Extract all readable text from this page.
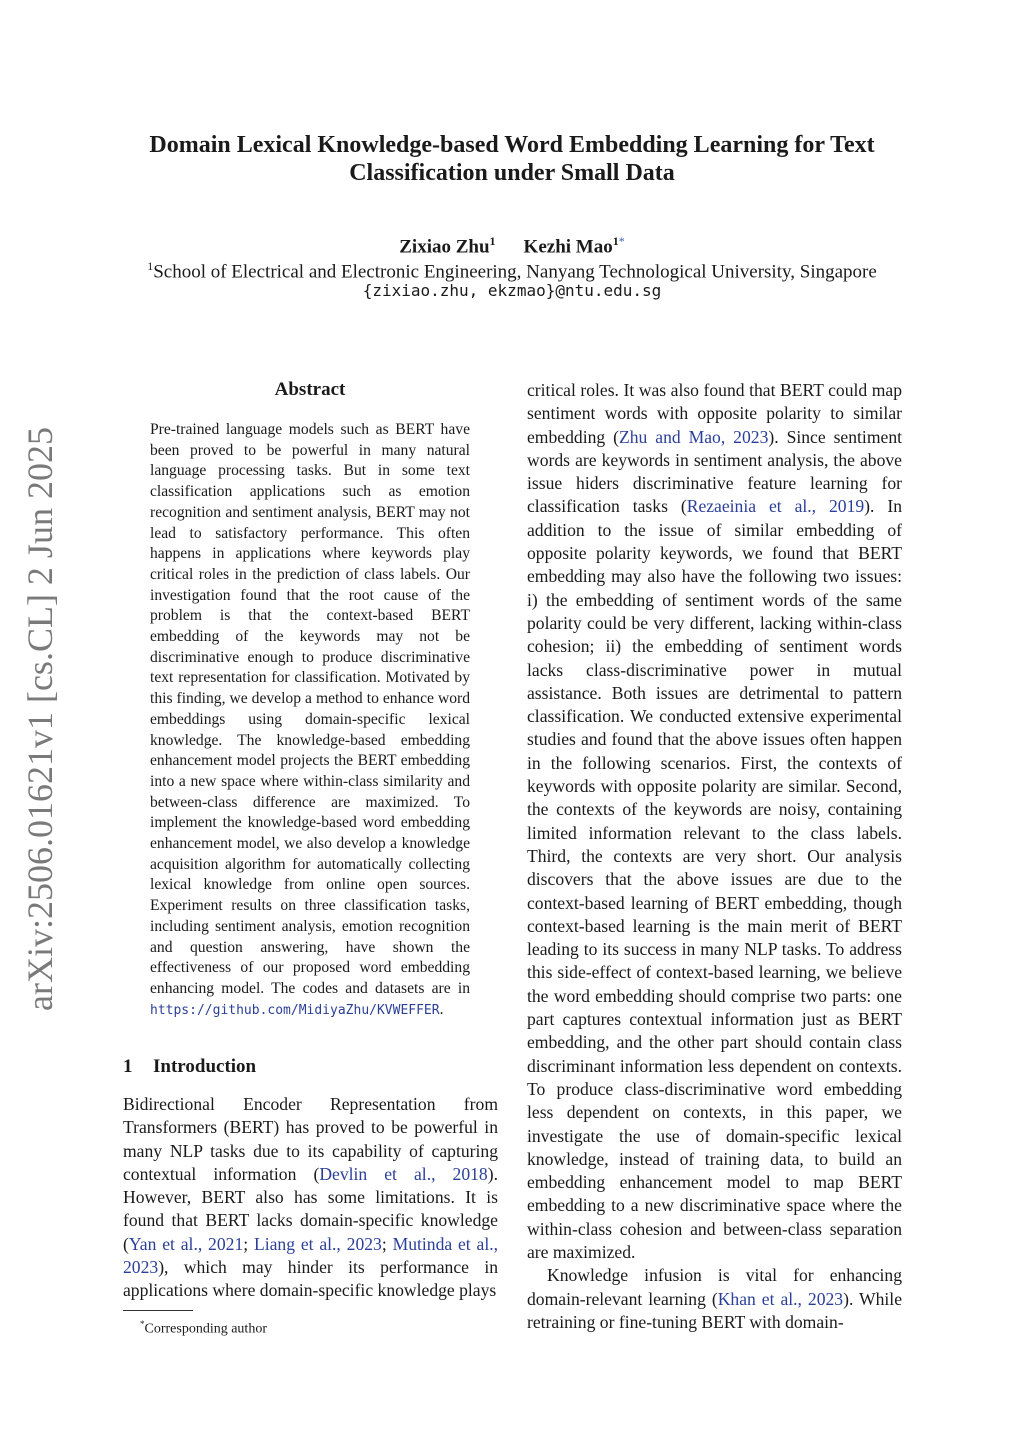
Domain Lexical Knowledge-based Word Embedding Learning for Text Classification under Small Data
Zixiao Zhu$^1$ Kezhi Mao$^{1*}$
$^1$School of Electrical and Electronic Engineering, Nanyang Technological University, Singapore
{zixiao.zhu, ekzmao}@ntu.edu.sg
arXiv:2506.01621v1 [cs.CL] 2 Jun 2025
Abstract
Pre-trained language models such as BERT have been proved to be powerful in many natural language processing tasks. But in some text classification applications such as emotion recognition and sentiment analysis, BERT may not lead to satisfactory performance. This often happens in applications where keywords play critical roles in the prediction of class labels. Our investigation found that the root cause of the problem is that the context-based BERT embedding of the keywords may not be discriminative enough to produce discriminative text representation for classification. Motivated by this finding, we develop a method to enhance word embeddings using domain-specific lexical knowledge. The knowledge-based embedding enhancement model projects the BERT embedding into a new space where within-class similarity and between-class difference are maximized. To implement the knowledge-based word embedding enhancement model, we also develop a knowledge acquisition algorithm for automatically collecting lexical knowledge from online open sources. Experiment results on three classification tasks, including sentiment analysis, emotion recognition and question answering, have shown the effectiveness of our proposed word embedding enhancing model. The codes and datasets are in https://github.com/MidiyaZhu/KVWEFFER.
1 Introduction
Bidirectional Encoder Representation from Transformers (BERT) has proved to be powerful in many NLP tasks due to its capability of capturing contextual information (Devlin et al., 2018). However, BERT also has some limitations. It is found that BERT lacks domain-specific knowledge (Yan et al., 2021; Liang et al., 2023; Mutinda et al., 2023), which may hinder its performance in applications where domain-specific knowledge plays
*Corresponding author

critical roles. It was also found that BERT could map sentiment words with opposite polarity to similar embedding (Zhu and Mao, 2023). Since sentiment words are keywords in sentiment analysis, the above issue hiders discriminative feature learning for classification tasks (Rezaeinia et al., 2019). In addition to the issue of similar embedding of opposite polarity keywords, we found that BERT embedding may also have the following two issues: i) the embedding of sentiment words of the same polarity could be very different, lacking within-class cohesion; ii) the embedding of sentiment words lacks class-discriminative power in mutual assistance. Both issues are detrimental to pattern classification. We conducted extensive experimental studies and found that the above issues often happen in the following scenarios. First, the contexts of keywords with opposite polarity are similar. Second, the contexts of the keywords are noisy, containing limited information relevant to the class labels. Third, the contexts are very short. Our analysis discovers that the above issues are due to the context-based learning of BERT embedding, though context-based learning is the main merit of BERT leading to its success in many NLP tasks. To address this side-effect of context-based learning, we believe the word embedding should comprise two parts: one part captures contextual information just as BERT embedding, and the other part should contain class discriminant information less dependent on contexts. To produce class-discriminative word embedding less dependent on contexts, in this paper, we investigate the use of domain-specific lexical knowledge, instead of training data, to build an embedding enhancement model to map BERT embedding to a new discriminative space where the within-class cohesion and between-class separation are maximized.

Knowledge infusion is vital for enhancing domain-relevant learning (Khan et al., 2023). While retraining or fine-tuning BERT with domain-
